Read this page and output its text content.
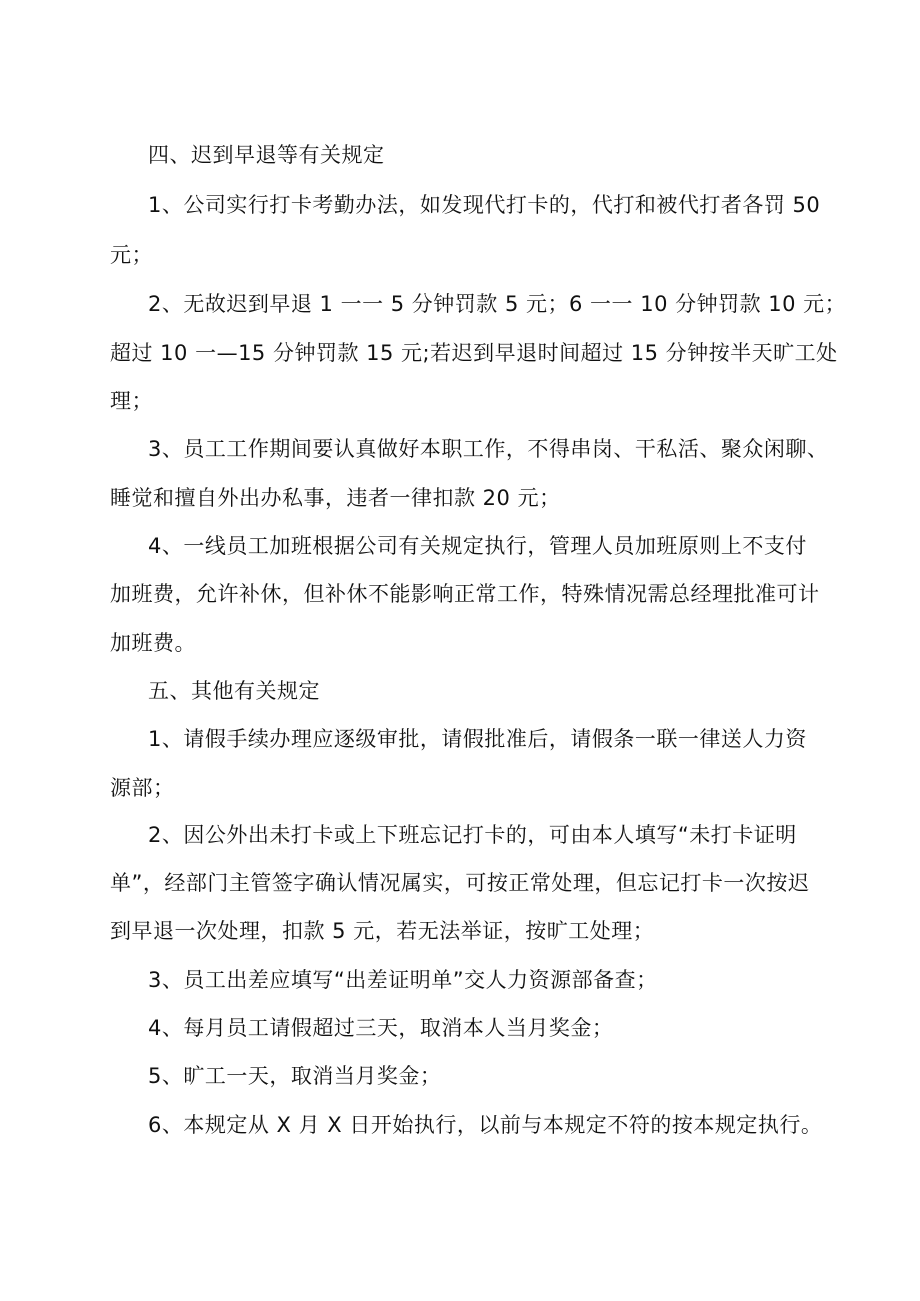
四、迟到早退等有关规定
1、公司实行打卡考勤办法，如发现代打卡的，代打和被代打者各罚 50
元；
2、无故迟到早退 1 一一 5 分钟罚款 5 元；6 一一 10 分钟罚款 10 元；
超过 10 一—15 分钟罚款 15 元;若迟到早退时间超过 15 分钟按半天旷工处
理；
3、员工工作期间要认真做好本职工作，不得串岗、干私活、聚众闲聊、
睡觉和擅自外出办私事，违者一律扣款 20 元；
4、一线员工加班根据公司有关规定执行，管理人员加班原则上不支付
加班费，允许补休，但补休不能影响正常工作，特殊情况需总经理批准可计
加班费。
五、其他有关规定
1、请假手续办理应逐级审批，请假批准后，请假条一联一律送人力资
源部；
2、因公外出未打卡或上下班忘记打卡的，可由本人填写“未打卡证明
单”，经部门主管签字确认情况属实，可按正常处理，但忘记打卡一次按迟
到早退一次处理，扣款 5 元，若无法举证，按旷工处理；
3、员工出差应填写“出差证明单”交人力资源部备查；
4、每月员工请假超过三天，取消本人当月奖金；
5、旷工一天，取消当月奖金；
6、本规定从 X 月 X 日开始执行，以前与本规定不符的按本规定执行。
